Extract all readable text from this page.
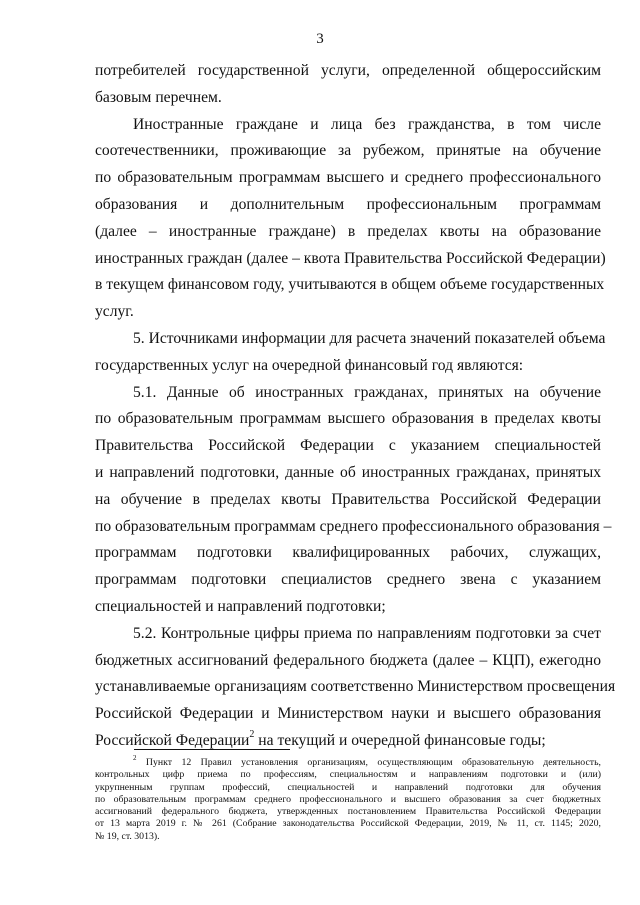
3
потребителей государственной услуги, определенной общероссийским
базовым перечнем.
Иностранные граждане и лица без гражданства, в том числе
соотечественники, проживающие за рубежом, принятые на обучение
по образовательным программам высшего и среднего профессионального
образования и дополнительным профессиональным программам
(далее – иностранные граждане) в пределах квоты на образование
иностранных граждан (далее – квота Правительства Российской Федерации)
в текущем финансовом году, учитываются в общем объеме государственных
услуг.
5. Источниками информации для расчета значений показателей объема
государственных услуг на очередной финансовый год являются:
5.1. Данные об иностранных гражданах, принятых на обучение
по образовательным программам высшего образования в пределах квоты
Правительства Российской Федерации с указанием специальностей
и направлений подготовки, данные об иностранных гражданах, принятых
на обучение в пределах квоты Правительства Российской Федерации
по образовательным программам среднего профессионального образования –
программам подготовки квалифицированных рабочих, служащих,
программам подготовки специалистов среднего звена с указанием
специальностей и направлений подготовки;
5.2. Контрольные цифры приема по направлениям подготовки за счет
бюджетных ассигнований федерального бюджета (далее – КЦП), ежегодно
устанавливаемые организациям соответственно Министерством просвещения
Российской Федерации и Министерством науки и высшего образования
Российской Федерации$^2$ на текущий и очередной финансовые годы;
$^2$ Пункт 12 Правил установления организациям, осуществляющим образовательную деятельность,
контрольных цифр приема по профессиям, специальностям и направлениям подготовки и (или)
укрупненным группам профессий, специальностей и направлений подготовки для обучения
по образовательным программам среднего профессионального и высшего образования за счет бюджетных
ассигнований федерального бюджета, утвержденных постановлением Правительства Российской Федерации
от 13 марта 2019 г. № 261 (Собрание законодательства Российской Федерации, 2019, № 11, ст. 1145; 2020,
№ 19, ст. 3013).
